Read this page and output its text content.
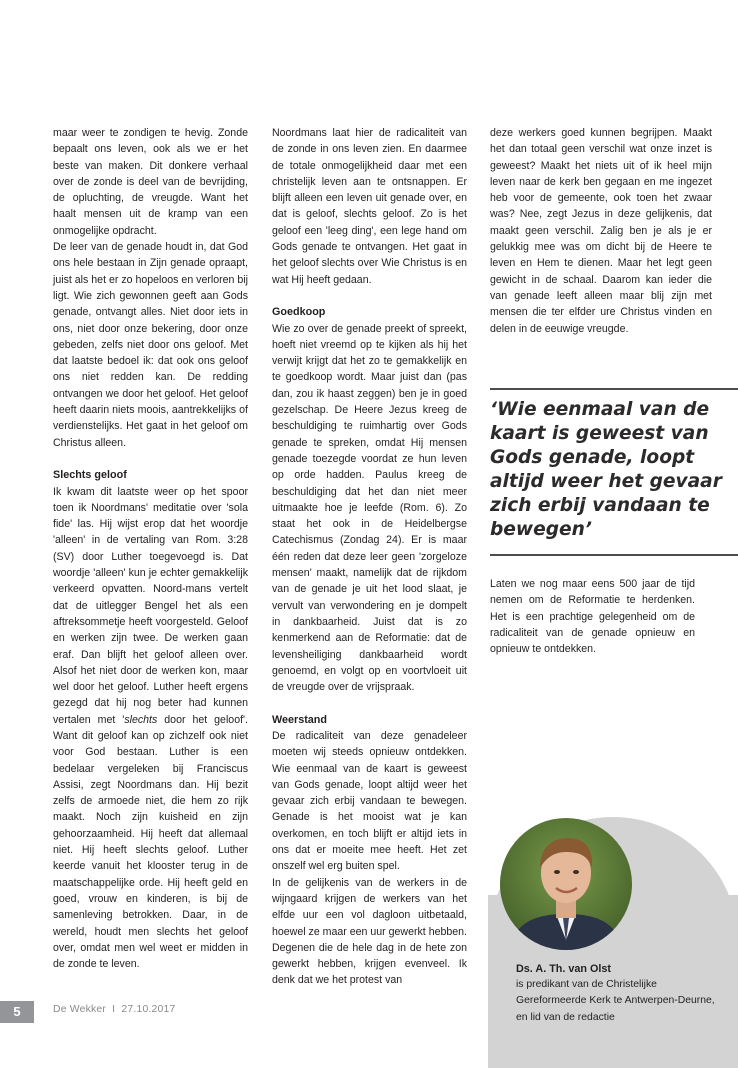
maar weer te zondigen te hevig. Zonde bepaalt ons leven, ook als we er het beste van maken. Dit donkere verhaal over de zonde is deel van de bevrijding, de opluchting, de vreugde. Want het haalt mensen uit de kramp van een onmogelijke opdracht.

De leer van de genade houdt in, dat God ons hele bestaan in Zijn genade opraapt, juist als het er zo hopeloos en verloren bij ligt. Wie zich gewonnen geeft aan Gods genade, ontvangt alles. Niet door iets in ons, niet door onze bekering, door onze gebeden, zelfs niet door ons geloof. Met dat laatste bedoel ik: dat ook ons geloof ons niet redden kan. De redding ontvangen we door het geloof. Het geloof heeft daarin niets moois, aantrekkelijks of verdienstelijks. Het gaat in het geloof om Christus alleen.

Slechts geloof

Ik kwam dit laatste weer op het spoor toen ik Noordmans' meditatie over 'sola fide' las. Hij wijst erop dat het woordje 'alleen' in de vertaling van Rom. 3:28 (SV) door Luther toegevoegd is. Dat woordje 'alleen' kun je echter gemakkelijk verkeerd opvatten. Noord-mans vertelt dat de uitlegger Bengel het als een aftreksommetje heeft voorgesteld. Geloof en werken zijn twee. De werken gaan eraf. Dan blijft het geloof alleen over. Alsof het niet door de werken kon, maar wel door het geloof. Luther heeft ergens gezegd dat hij nog beter had kunnen vertalen met 'slechts door het geloof'. Want dit geloof kan op zichzelf ook niet voor God bestaan. Luther is een bedelaar vergeleken bij Franciscus Assisi, zegt Noordmans dan. Hij bezit zelfs de armoede niet, die hem zo rijk maakt. Noch zijn kuisheid en zijn gehoorzaamheid. Hij heeft dat allemaal niet. Hij heeft slechts geloof. Luther keerde vanuit het klooster terug in de maatschappelijke orde. Hij heeft geld en goed, vrouw en kinderen, is bij de samenleving betrokken. Daar, in de wereld, houdt men slechts het geloof over, omdat men wel weet er midden in de zonde te leven.

Noordmans laat hier de radicaliteit van de zonde in ons leven zien. En daarmee de totale onmogelijkheid daar met een christelijk leven aan te ontsnappen. Er blijft alleen een leven uit genade over, en dat is geloof, slechts geloof. Zo is het geloof een 'leeg ding', een lege hand om Gods genade te ontvangen. Het gaat in het geloof slechts over Wie Christus is en wat Hij heeft gedaan.

Goedkoop

Wie zo over de genade preekt of spreekt, hoeft niet vreemd op te kijken als hij het verwijt krijgt dat het zo te gemakkelijk en te goedkoop wordt. Maar juist dan (pas dan, zou ik haast zeggen) ben je in goed gezelschap. De Heere Jezus kreeg de beschuldiging te ruimhartig over Gods genade te spreken, omdat Hij mensen genade toezegde voordat ze hun leven op orde hadden. Paulus kreeg de beschuldiging dat het dan niet meer uitmaakte hoe je leefde (Rom. 6). Zo staat het ook in de Heidelbergse Catechismus (Zondag 24). Er is maar één reden dat deze leer geen 'zorgeloze mensen' maakt, namelijk dat de rijkdom van de genade je uit het lood slaat, je vervult van verwondering en je dompelt in dankbaarheid. Juist dat is zo kenmerkend aan de Reformatie: dat de levensheiliging dankbaarheid wordt genoemd, en volgt op en voortvloeit uit de vreugde over de vrijspraak.

Weerstand

De radicaliteit van deze genadeleer moeten wij steeds opnieuw ontdekken. Wie eenmaal van de kaart is geweest van Gods genade, loopt altijd weer het gevaar zich erbij vandaan te bewegen. Genade is het mooist wat je kan overkomen, en toch blijft er altijd iets in ons dat er moeite mee heeft. Het zet onszelf wel erg buiten spel.

In de gelijkenis van de werkers in de wijngaard krijgen de werkers van het elfde uur een vol dagloon uitbetaald, hoewel ze maar een uur gewerkt hebben. Degenen die de hele dag in de hete zon gewerkt hebben, krijgen evenveel. Ik denk dat we het protest van

deze werkers goed kunnen begrijpen. Maakt het dan totaal geen verschil wat onze inzet is geweest? Maakt het niets uit of ik heel mijn leven naar de kerk ben gegaan en me ingezet heb voor de gemeente, ook toen het zwaar was? Nee, zegt Jezus in deze gelijkenis, dat maakt geen verschil. Zalig ben je als je er gelukkig mee was om dicht bij de Heere te leven en Hem te dienen. Maar het legt geen gewicht in de schaal. Daarom kan ieder die van genade leeft alleen maar blij zijn met mensen die ter elfder ure Christus vinden en delen in de eeuwige vreugde.

‘Wie eenmaal van de kaart is geweest van Gods genade, loopt altijd weer het gevaar zich erbij vandaan te bewegen’

Laten we nog maar eens 500 jaar de tijd nemen om de Reformatie te herdenken. Het is een prachtige gelegenheid om de radicaliteit van de genade opnieuw en opnieuw te ontdekken.

Ds. A. Th. van Olst
is predikant van de Christelijke Gereformeerde Kerk te Antwerpen-Deurne, en lid van de redactie
5	De Wekker  I  27.10.2017
